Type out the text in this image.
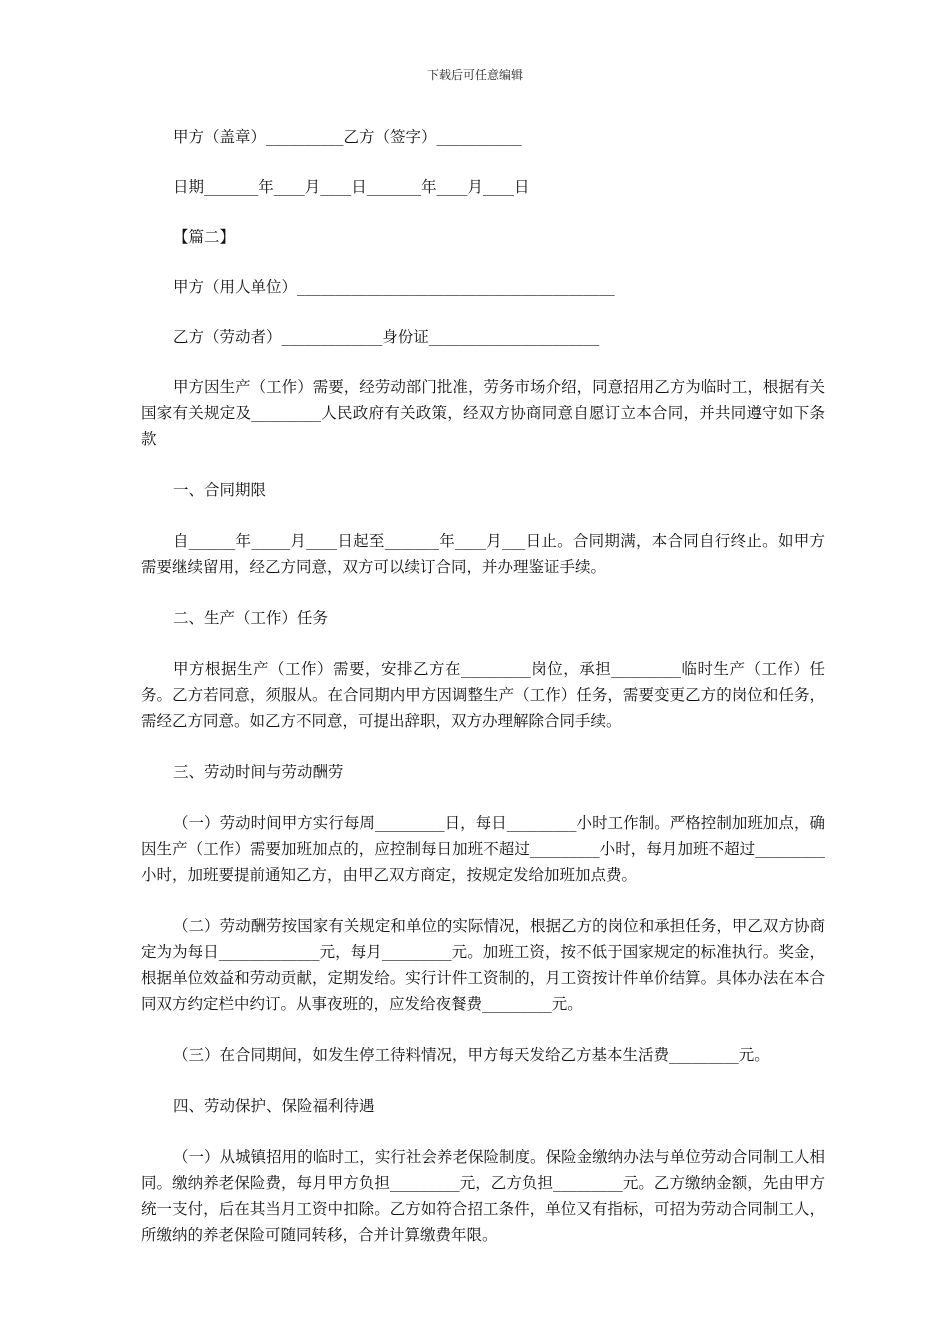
下载后可任意编辑

甲方（盖章）__________乙方（签字）___________

日期_______年____月____日_______年____月____日

【篇二】

甲方（用人单位）_________________________________________

乙方（劳动者）_____________身份证______________________

甲方因生产（工作）需要，经劳动部门批准，劳务市场介绍，同意招用乙方为临时工，根据有关国家有关规定及_________人民政府有关政策，经双方协商同意自愿订立本合同，并共同遵守如下条款

一、合同期限

自______年_____月____日起至_______年____月___日止。合同期满，本合同自行终止。如甲方需要继续留用，经乙方同意，双方可以续订合同，并办理鉴证手续。

二、生产（工作）任务

甲方根据生产（工作）需要，安排乙方在_________岗位，承担_________临时生产（工作）任务。乙方若同意，须服从。在合同期内甲方因调整生产（工作）任务，需要变更乙方的岗位和任务，需经乙方同意。如乙方不同意，可提出辞职，双方办理解除合同手续。

三、劳动时间与劳动酬劳

（一）劳动时间甲方实行每周_________日，每日_________小时工作制。严格控制加班加点，确因生产（工作）需要加班加点的，应控制每日加班不超过_________小时，每月加班不超过_________小时，加班要提前通知乙方，由甲乙双方商定，按规定发给加班加点费。

（二）劳动酬劳按国家有关规定和单位的实际情况，根据乙方的岗位和承担任务，甲乙双方协商定为为每日_____________元，每月_________元。加班工资，按不低于国家规定的标准执行。奖金，根据单位效益和劳动贡献，定期发给。实行计件工资制的，月工资按计件单价结算。具体办法在本合同双方约定栏中约订。从事夜班的，应发给夜餐费_________元。

（三）在合同期间，如发生停工待料情况，甲方每天发给乙方基本生活费_________元。

四、劳动保护、保险福利待遇

（一）从城镇招用的临时工，实行社会养老保险制度。保险金缴纳办法与单位劳动合同制工人相同。缴纳养老保险费，每月甲方负担_________元，乙方负担_________元。乙方缴纳金额，先由甲方统一支付，后在其当月工资中扣除。乙方如符合招工条件，单位又有指标，可招为劳动合同制工人，所缴纳的养老保险可随同转移，合并计算缴费年限。
